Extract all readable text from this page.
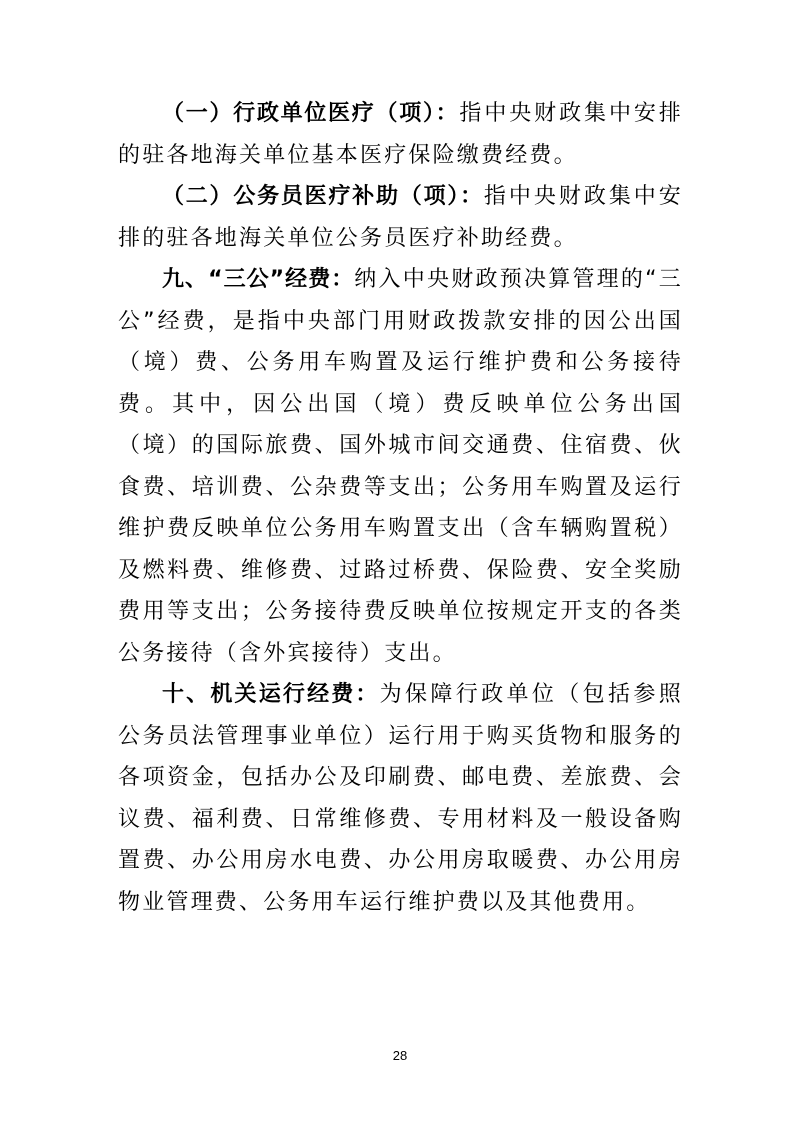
（一）行政单位医疗（项）：指中央财政集中安排的驻各地海关单位基本医疗保险缴费经费。

（二）公务员医疗补助（项）：指中央财政集中安排的驻各地海关单位公务员医疗补助经费。

九、“三公”经费：纳入中央财政预决算管理的“三公”经费，是指中央部门用财政拨款安排的因公出国（境）费、公务用车购置及运行维护费和公务接待费。其中，因公出国（境）费反映单位公务出国（境）的国际旅费、国外城市间交通费、住宿费、伙食费、培训费、公杂费等支出；公务用车购置及运行维护费反映单位公务用车购置支出（含车辆购置税）及燃料费、维修费、过路过桥费、保险费、安全奖励费用等支出；公务接待费反映单位按规定开支的各类公务接待（含外宾接待）支出。

十、机关运行经费：为保障行政单位（包括参照公务员法管理事业单位）运行用于购买货物和服务的各项资金，包括办公及印刷费、邮电费、差旅费、会议费、福利费、日常维修费、专用材料及一般设备购置费、办公用房水电费、办公用房取暖费、办公用房物业管理费、公务用车运行维护费以及其他费用。

28
